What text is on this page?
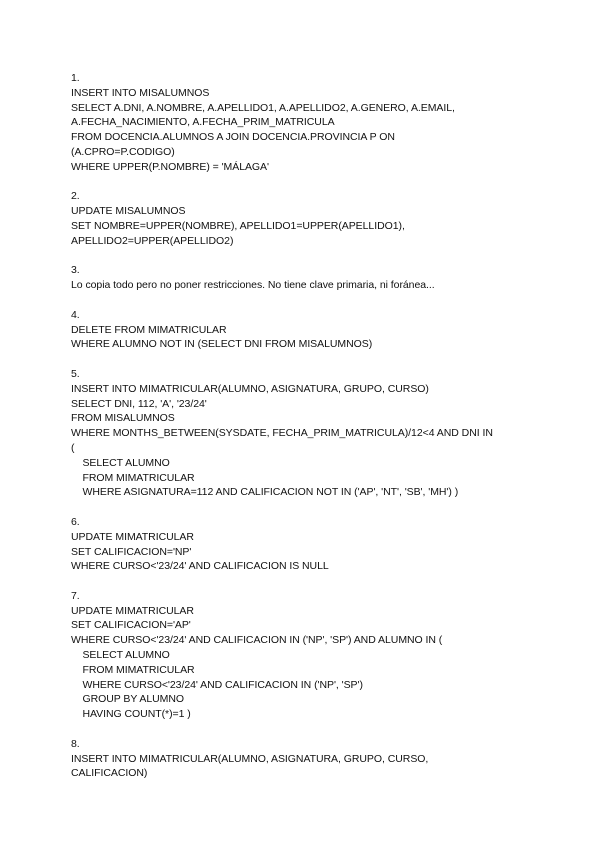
1.

INSERT INTO MISALUMNOS

SELECT A.DNI, A.NOMBRE, A.APELLIDO1, A.APELLIDO2, A.GENERO, A.EMAIL,

A.FECHA_NACIMIENTO, A.FECHA_PRIM_MATRICULA

FROM DOCENCIA.ALUMNOS A JOIN DOCENCIA.PROVINCIA P ON

(A.CPRO=P.CODIGO)

WHERE UPPER(P.NOMBRE) = 'MÁLAGA'

2.

UPDATE MISALUMNOS

SET NOMBRE=UPPER(NOMBRE), APELLIDO1=UPPER(APELLIDO1),

APELLIDO2=UPPER(APELLIDO2)

3.

Lo copia todo pero no poner restricciones. No tiene clave primaria, ni foránea...

4.

DELETE FROM MIMATRICULAR

WHERE ALUMNO NOT IN (SELECT DNI FROM MISALUMNOS)

5.

INSERT INTO MIMATRICULAR(ALUMNO, ASIGNATURA, GRUPO, CURSO)

SELECT DNI, 112, 'A', '23/24'

FROM MISALUMNOS

WHERE MONTHS_BETWEEN(SYSDATE, FECHA_PRIM_MATRICULA)/12<4 AND DNI IN

(

SELECT ALUMNO

FROM MIMATRICULAR

WHERE ASIGNATURA=112 AND CALIFICACION NOT IN ('AP', 'NT', 'SB', 'MH') )

6.

UPDATE MIMATRICULAR

SET CALIFICACION='NP'

WHERE CURSO<'23/24' AND CALIFICACION IS NULL

7.

UPDATE MIMATRICULAR

SET CALIFICACION='AP'

WHERE CURSO<'23/24' AND CALIFICACION IN ('NP', 'SP') AND ALUMNO IN (

SELECT ALUMNO

FROM MIMATRICULAR

WHERE CURSO<'23/24' AND CALIFICACION IN ('NP', 'SP')

GROUP BY ALUMNO

HAVING COUNT(*)=1 )

8.

INSERT INTO MIMATRICULAR(ALUMNO, ASIGNATURA, GRUPO, CURSO,

CALIFICACION)
